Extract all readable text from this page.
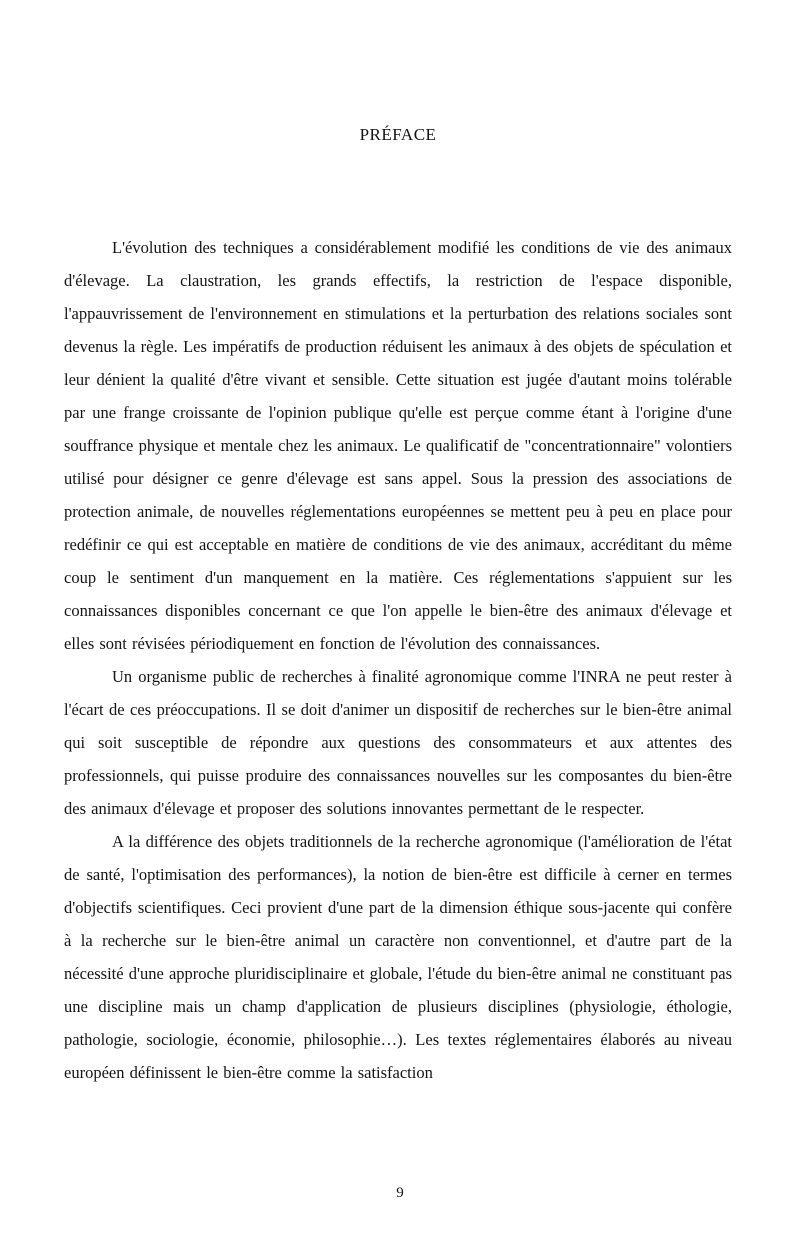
PRÉFACE

L'évolution des techniques a considérablement modifié les conditions de vie des animaux d'élevage. La claustration, les grands effectifs, la restriction de l'espace disponible, l'appauvrissement de l'environnement en stimulations et la perturbation des relations sociales sont devenus la règle. Les impératifs de production réduisent les animaux à des objets de spéculation et leur dénient la qualité d'être vivant et sensible. Cette situation est jugée d'autant moins tolérable par une frange croissante de l'opinion publique qu'elle est perçue comme étant à l'origine d'une souffrance physique et mentale chez les animaux. Le qualificatif de "concentrationnaire" volontiers utilisé pour désigner ce genre d'élevage est sans appel. Sous la pression des associations de protection animale, de nouvelles réglementations européennes se mettent peu à peu en place pour redéfinir ce qui est acceptable en matière de conditions de vie des animaux, accréditant du même coup le sentiment d'un manquement en la matière. Ces réglementations s'appuient sur les connaissances disponibles concernant ce que l'on appelle le bien-être des animaux d'élevage et elles sont révisées périodiquement en fonction de l'évolution des connaissances.

Un organisme public de recherches à finalité agronomique comme l'INRA ne peut rester à l'écart de ces préoccupations. Il se doit d'animer un dispositif de recherches sur le bien-être animal qui soit susceptible de répondre aux questions des consommateurs et aux attentes des professionnels, qui puisse produire des connaissances nouvelles sur les composantes du bien-être des animaux d'élevage et proposer des solutions innovantes permettant de le respecter.

A la différence des objets traditionnels de la recherche agronomique (l'amélioration de l'état de santé, l'optimisation des performances), la notion de bien-être est difficile à cerner en termes d'objectifs scientifiques. Ceci provient d'une part de la dimension éthique sous-jacente qui confère à la recherche sur le bien-être animal un caractère non conventionnel, et d'autre part de la nécessité d'une approche pluridisciplinaire et globale, l'étude du bien-être animal ne constituant pas une discipline mais un champ d'application de plusieurs disciplines (physiologie, éthologie, pathologie, sociologie, économie, philosophie…). Les textes réglementaires élaborés au niveau européen définissent le bien-être comme la satisfaction

9
